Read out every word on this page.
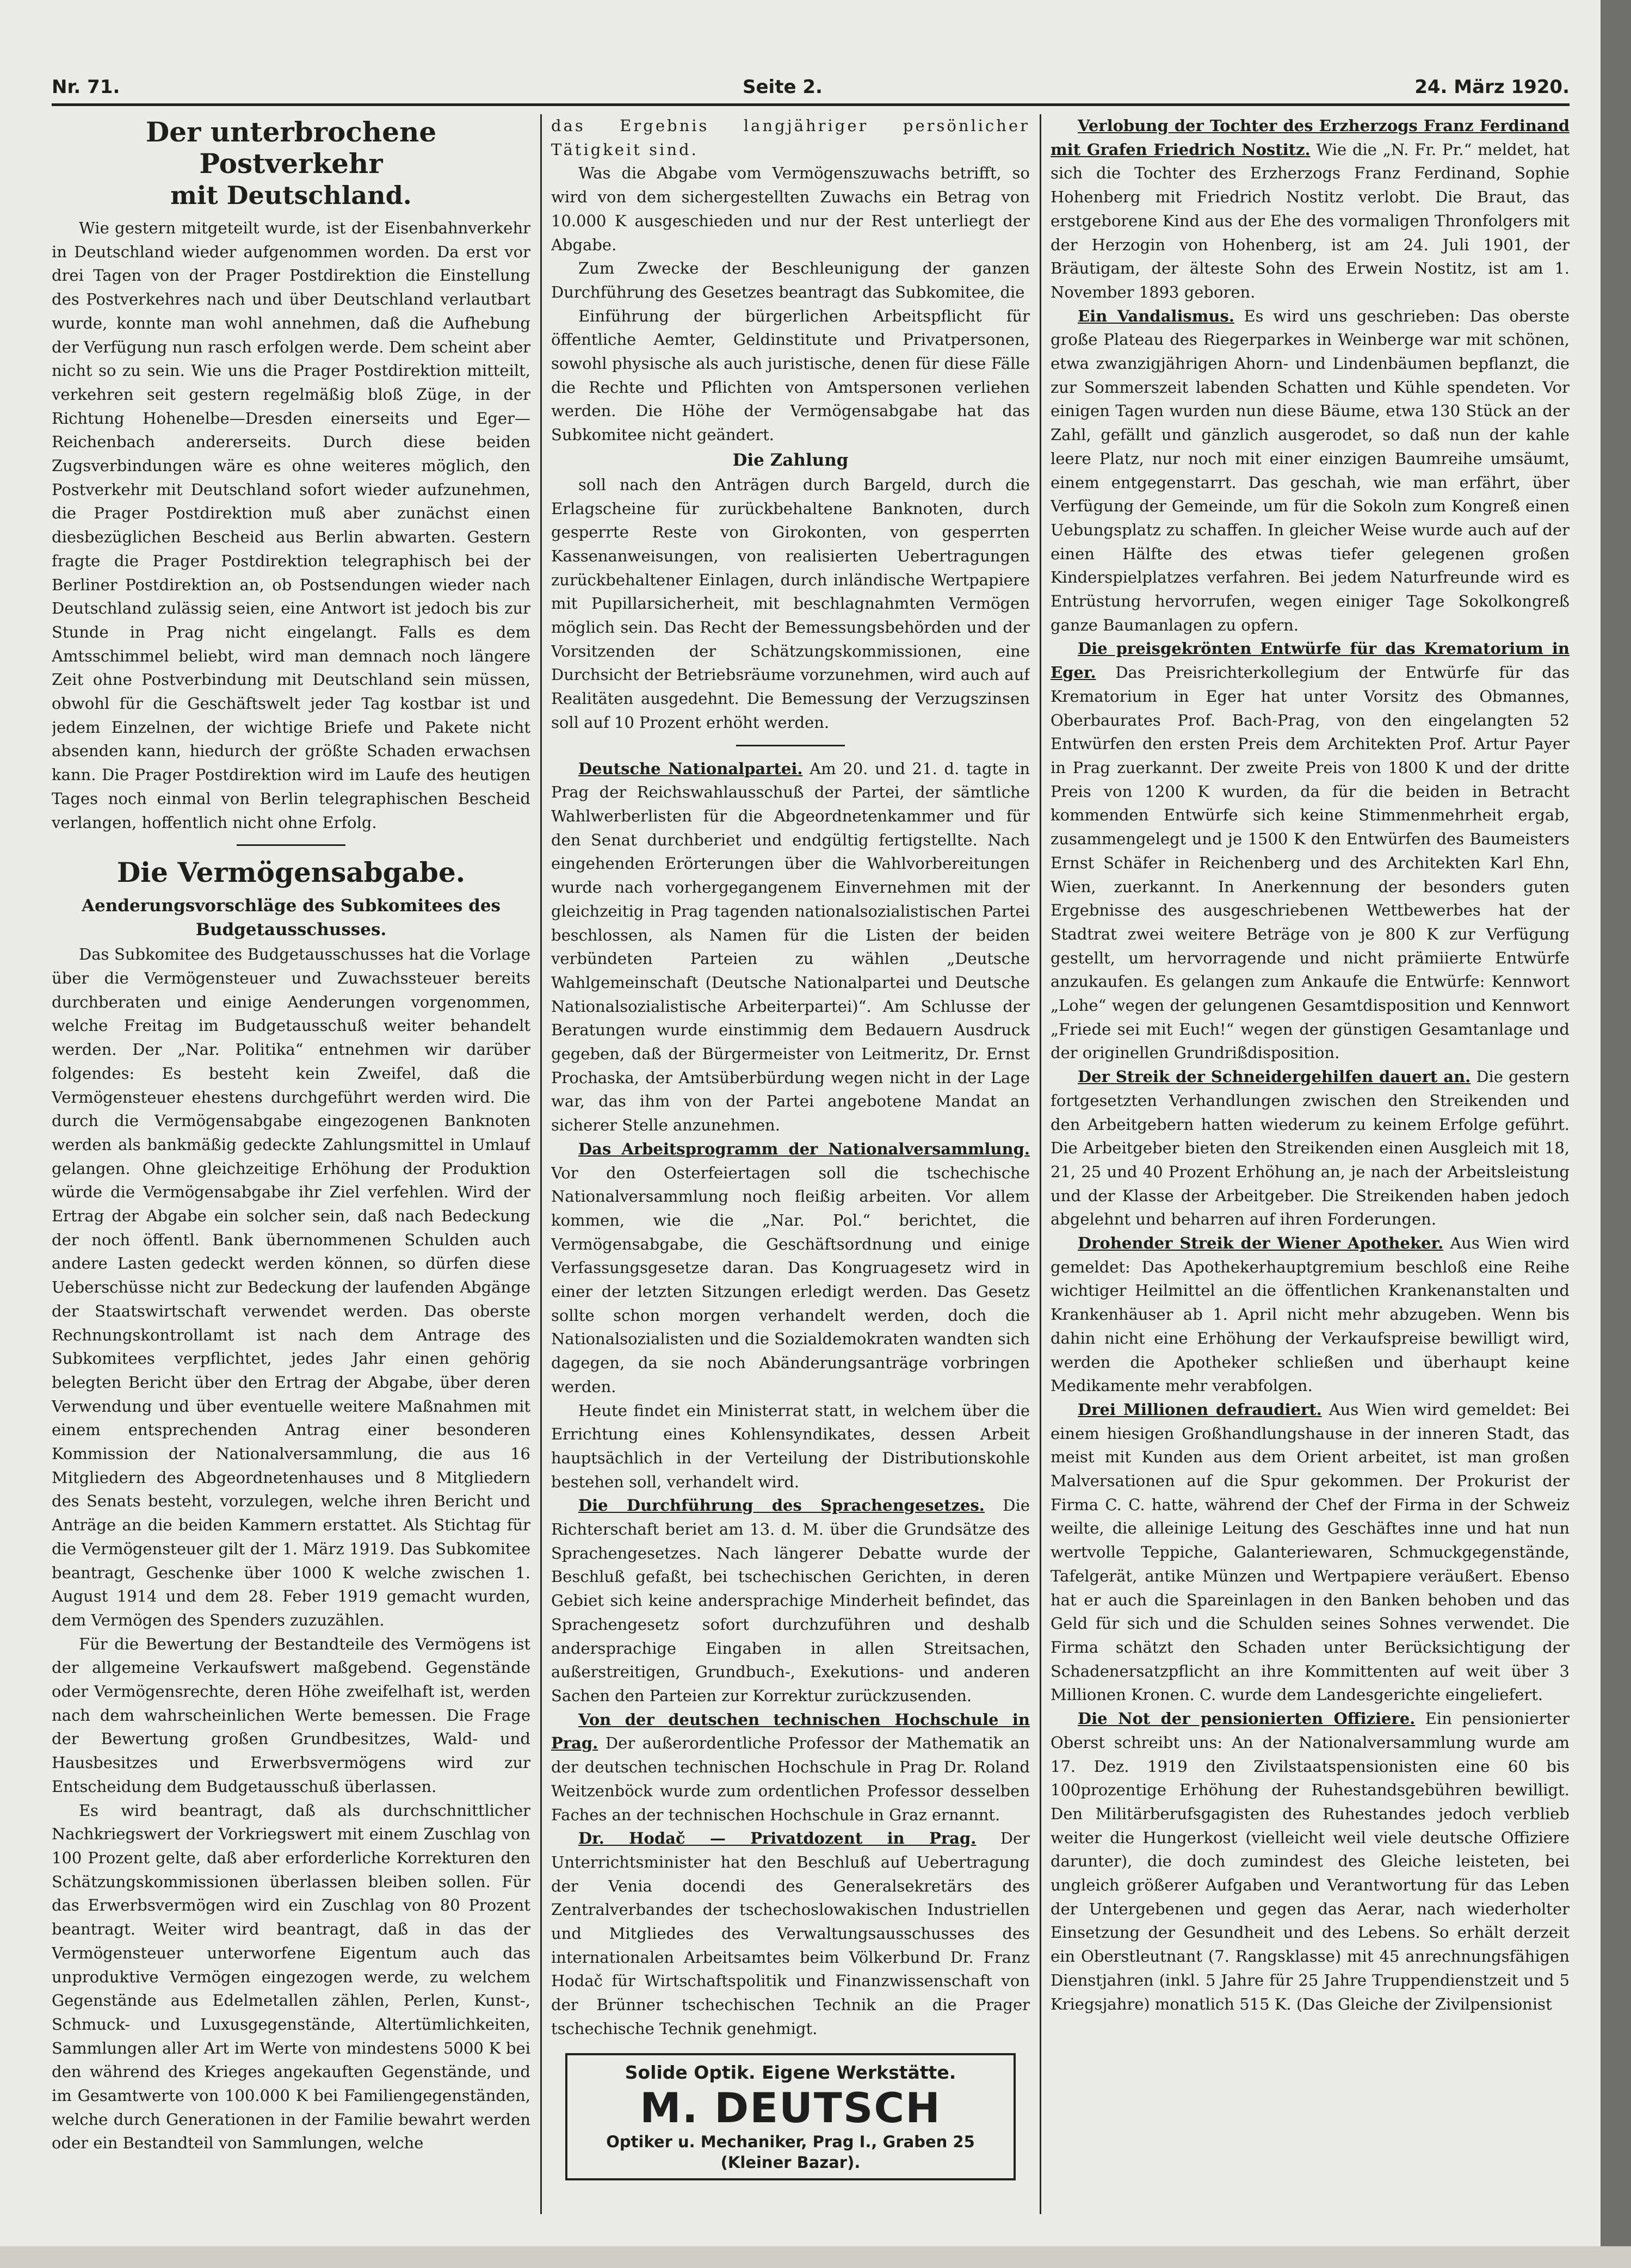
Nr. 71.	Seite 2.	24. März 1920.
Der unterbrochene Postverkehr
mit Deutschland.

Wie gestern mitgeteilt wurde, ist der Eisenbahnverkehr in Deutschland wieder aufgenommen worden. Da erst vor drei Tagen von der Prager Postdirektion die Einstellung des Postverkehres nach und über Deutschland verlautbart wurde, konnte man wohl annehmen, daß die Aufhebung der Verfügung nun rasch erfolgen werde. Dem scheint aber nicht so zu sein. Wie uns die Prager Postdirektion mitteilt, verkehren seit gestern regelmäßig bloß Züge, in der Richtung Hohenelbe—Dresden einerseits und Eger—Reichenbach andererseits. Durch diese beiden Zugsverbindungen wäre es ohne weiteres möglich, den Postverkehr mit Deutschland sofort wieder aufzunehmen, die Prager Postdirektion muß aber zunächst einen diesbezüglichen Bescheid aus Berlin abwarten. Gestern fragte die Prager Postdirektion telegraphisch bei der Berliner Postdirektion an, ob Postsendungen wieder nach Deutschland zulässig seien, eine Antwort ist jedoch bis zur Stunde in Prag nicht eingelangt. Falls es dem Amtsschimmel beliebt, wird man demnach noch längere Zeit ohne Postverbindung mit Deutschland sein müssen, obwohl für die Geschäftswelt jeder Tag kostbar ist und jedem Einzelnen, der wichtige Briefe und Pakete nicht absenden kann, hiedurch der größte Schaden erwachsen kann. Die Prager Postdirektion wird im Laufe des heutigen Tages noch einmal von Berlin telegraphischen Bescheid verlangen, hoffentlich nicht ohne Erfolg.

Die Vermögensabgabe.
Aenderungsvorschläge des Subkomitees des
Budgetausschusses.

Das Subkomitee des Budgetausschusses hat die Vorlage über die Vermögensteuer und Zuwachssteuer bereits durchberaten und einige Aenderungen vorgenommen, welche Freitag im Budgetausschuß weiter behandelt werden. Der „Nar. Politika“ entnehmen wir darüber folgendes: Es besteht kein Zweifel, daß die Vermögensteuer ehestens durchgeführt werden wird. Die durch die Vermögensabgabe eingezogenen Banknoten werden als bankmäßig gedeckte Zahlungsmittel in Umlauf gelangen. Ohne gleichzeitige Erhöhung der Produktion würde die Vermögensabgabe ihr Ziel verfehlen. Wird der Ertrag der Abgabe ein solcher sein, daß nach Bedeckung der noch öffentl. Bank übernommenen Schulden auch andere Lasten gedeckt werden können, so dürfen diese Ueberschüsse nicht zur Bedeckung der laufenden Abgänge der Staatswirtschaft verwendet werden. Das oberste Rechnungskontrollamt ist nach dem Antrage des Subkomitees verpflichtet, jedes Jahr einen gehörig belegten Bericht über den Ertrag der Abgabe, über deren Verwendung und über eventuelle weitere Maßnahmen mit einem entsprechenden Antrag einer besonderen Kommission der Nationalversammlung, die aus 16 Mitgliedern des Abgeordnetenhauses und 8 Mitgliedern des Senats besteht, vorzulegen, welche ihren Bericht und Anträge an die beiden Kammern erstattet. Als Stichtag für die Vermögensteuer gilt der 1. März 1919. Das Subkomitee beantragt, Geschenke über 1000 K welche zwischen 1. August 1914 und dem 28. Feber 1919 gemacht wurden, dem Vermögen des Spenders zuzuzählen.

Für die Bewertung der Bestandteile des Vermögens ist der allgemeine Verkaufswert maßgebend. Gegenstände oder Vermögensrechte, deren Höhe zweifelhaft ist, werden nach dem wahrscheinlichen Werte bemessen. Die Frage der Bewertung großen Grundbesitzes, Wald- und Hausbesitzes und Erwerbsvermögens wird zur Entscheidung dem Budgetausschuß überlassen.

Es wird beantragt, daß als durchschnittlicher Nachkriegswert der Vorkriegswert mit einem Zuschlag von 100 Prozent gelte, daß aber erforderliche Korrekturen den Schätzungskommissionen überlassen bleiben sollen. Für das Erwerbsvermögen wird ein Zuschlag von 80 Prozent beantragt. Weiter wird beantragt, daß in das der Vermögensteuer unterworfene Eigentum auch das unproduktive Vermögen eingezogen werde, zu welchem Gegenstände aus Edelmetallen zählen, Perlen, Kunst-, Schmuck- und Luxusgegenstände, Altertümlichkeiten, Sammlungen aller Art im Werte von mindestens 5000 K bei den während des Krieges angekauften Gegenstände, und im Gesamtwerte von 100.000 K bei Familiengegenständen, welche durch Generationen in der Familie bewahrt werden oder ein Bestandteil von Sammlungen, welche

das Ergebnis langjähriger persönlicher Tätigkeit sind.

Was die Abgabe vom Vermögenszuwachs betrifft, so wird von dem sichergestellten Zuwachs ein Betrag von 10.000 K ausgeschieden und nur der Rest unterliegt der Abgabe.

Zum Zwecke der Beschleunigung der ganzen Durchführung des Gesetzes beantragt das Subkomitee, die

Einführung der bürgerlichen Arbeitspflicht für öffentliche Aemter, Geldinstitute und Privatpersonen, sowohl physische als auch juristische, denen für diese Fälle die Rechte und Pflichten von Amtspersonen verliehen werden. Die Höhe der Vermögensabgabe hat das Subkomitee nicht geändert.

Die Zahlung

soll nach den Anträgen durch Bargeld, durch die Erlagscheine für zurückbehaltene Banknoten, durch gesperrte Reste von Girokonten, von gesperrten Kassenanweisungen, von realisierten Uebertragungen zurückbehaltener Einlagen, durch inländische Wertpapiere mit Pupillarsicherheit, mit beschlagnahmten Vermögen möglich sein. Das Recht der Bemessungsbehörden und der Vorsitzenden der Schätzungskommissionen, eine Durchsicht der Betriebsräume vorzunehmen, wird auch auf Realitäten ausgedehnt. Die Bemessung der Verzugszinsen soll auf 10 Prozent erhöht werden.

Deutsche Nationalpartei. Am 20. und 21. d. tagte in Prag der Reichswahlausschuß der Partei, der sämtliche Wahlwerberlisten für die Abgeordnetenkammer und für den Senat durchberiet und endgültig fertigstellte. Nach eingehenden Erörterungen über die Wahlvorbereitungen wurde nach vorhergegangenem Einvernehmen mit der gleichzeitig in Prag tagenden nationalsozialistischen Partei beschlossen, als Namen für die Listen der beiden verbündeten Parteien zu wählen „Deutsche Wahlgemeinschaft (Deutsche Nationalpartei und Deutsche Nationalsozialistische Arbeiterpartei)“. Am Schlusse der Beratungen wurde einstimmig dem Bedauern Ausdruck gegeben, daß der Bürgermeister von Leitmeritz, Dr. Ernst Prochaska, der Amtsüberbürdung wegen nicht in der Lage war, das ihm von der Partei angebotene Mandat an sicherer Stelle anzunehmen.

Das Arbeitsprogramm der Nationalversammlung. Vor den Osterfeiertagen soll die tschechische Nationalversammlung noch fleißig arbeiten. Vor allem kommen, wie die „Nar. Pol.“ berichtet, die Vermögensabgabe, die Geschäftsordnung und einige Verfassungsgesetze daran. Das Kongruagesetz wird in einer der letzten Sitzungen erledigt werden. Das Gesetz sollte schon morgen verhandelt werden, doch die Nationalsozialisten und die Sozialdemokraten wandten sich dagegen, da sie noch Abänderungsanträge vorbringen werden.

Heute findet ein Ministerrat statt, in welchem über die Errichtung eines Kohlensyndikates, dessen Arbeit hauptsächlich in der Verteilung der Distributionskohle bestehen soll, verhandelt wird.

Die Durchführung des Sprachengesetzes. Die Richterschaft beriet am 13. d. M. über die Grundsätze des Sprachengesetzes. Nach längerer Debatte wurde der Beschluß gefaßt, bei tschechischen Gerichten, in deren Gebiet sich keine andersprachige Minderheit befindet, das Sprachengesetz sofort durchzuführen und deshalb andersprachige Eingaben in allen Streitsachen, außerstreitigen, Grundbuch-, Exekutions- und anderen Sachen den Parteien zur Korrektur zurückzusenden.

Von der deutschen technischen Hochschule in Prag. Der außerordentliche Professor der Mathematik an der deutschen technischen Hochschule in Prag Dr. Roland Weitzenböck wurde zum ordentlichen Professor desselben Faches an der technischen Hochschule in Graz ernannt.

Dr. Hodač — Privatdozent in Prag. Der Unterrichtsminister hat den Beschluß auf Uebertragung der Venia docendi des Generalsekretärs des Zentralverbandes der tschechoslowakischen Industriellen und Mitgliedes des Verwaltungsausschusses des internationalen Arbeitsamtes beim Völkerbund Dr. Franz Hodač für Wirtschaftspolitik und Finanzwissenschaft von der Brünner tschechischen Technik an die Prager tschechische Technik genehmigt.

Solide Optik. Eigene Werkstätte.
M. DEUTSCH
Optiker u. Mechaniker, Prag I., Graben 25
(Kleiner Bazar).

Verlobung der Tochter des Erzherzogs Franz Ferdinand mit Grafen Friedrich Nostitz. Wie die „N. Fr. Pr.“ meldet, hat sich die Tochter des Erzherzogs Franz Ferdinand, Sophie Hohenberg mit Friedrich Nostitz verlobt. Die Braut, das erstgeborene Kind aus der Ehe des vormaligen Thronfolgers mit der Herzogin von Hohenberg, ist am 24. Juli 1901, der Bräutigam, der älteste Sohn des Erwein Nostitz, ist am 1. November 1893 geboren.

Ein Vandalismus. Es wird uns geschrieben: Das oberste große Plateau des Riegerparkes in Weinberge war mit schönen, etwa zwanzigjährigen Ahorn- und Lindenbäumen bepflanzt, die zur Sommerszeit labenden Schatten und Kühle spendeten. Vor einigen Tagen wurden nun diese Bäume, etwa 130 Stück an der Zahl, gefällt und gänzlich ausgerodet, so daß nun der kahle leere Platz, nur noch mit einer einzigen Baumreihe umsäumt, einem entgegenstarrt. Das geschah, wie man erfährt, über Verfügung der Gemeinde, um für die Sokoln zum Kongreß einen Uebungsplatz zu schaffen. In gleicher Weise wurde auch auf der einen Hälfte des etwas tiefer gelegenen großen Kinderspielplatzes verfahren. Bei jedem Naturfreunde wird es Entrüstung hervorrufen, wegen einiger Tage Sokolkongreß ganze Baumanlagen zu opfern.

Die preisgekrönten Entwürfe für das Krematorium in Eger. Das Preisrichterkollegium der Entwürfe für das Krematorium in Eger hat unter Vorsitz des Obmannes, Oberbaurates Prof. Bach-Prag, von den eingelangten 52 Entwürfen den ersten Preis dem Architekten Prof. Artur Payer in Prag zuerkannt. Der zweite Preis von 1800 K und der dritte Preis von 1200 K wurden, da für die beiden in Betracht kommenden Entwürfe sich keine Stimmenmehrheit ergab, zusammengelegt und je 1500 K den Entwürfen des Baumeisters Ernst Schäfer in Reichenberg und des Architekten Karl Ehn, Wien, zuerkannt. In Anerkennung der besonders guten Ergebnisse des ausgeschriebenen Wettbewerbes hat der Stadtrat zwei weitere Beträge von je 800 K zur Verfügung gestellt, um hervorragende und nicht prämiierte Entwürfe anzukaufen. Es gelangen zum Ankaufe die Entwürfe: Kennwort „Lohe“ wegen der gelungenen Gesamtdisposition und Kennwort „Friede sei mit Euch!“ wegen der günstigen Gesamtanlage und der originellen Grundrißdisposition.

Der Streik der Schneidergehilfen dauert an. Die gestern fortgesetzten Verhandlungen zwischen den Streikenden und den Arbeitgebern hatten wiederum zu keinem Erfolge geführt. Die Arbeitgeber bieten den Streikenden einen Ausgleich mit 18, 21, 25 und 40 Prozent Erhöhung an, je nach der Arbeitsleistung und der Klasse der Arbeitgeber. Die Streikenden haben jedoch abgelehnt und beharren auf ihren Forderungen.

Drohender Streik der Wiener Apotheker. Aus Wien wird gemeldet: Das Apothekerhauptgremium beschloß eine Reihe wichtiger Heilmittel an die öffentlichen Krankenanstalten und Krankenhäuser ab 1. April nicht mehr abzugeben. Wenn bis dahin nicht eine Erhöhung der Verkaufspreise bewilligt wird, werden die Apotheker schließen und überhaupt keine Medikamente mehr verabfolgen.

Drei Millionen defraudiert. Aus Wien wird gemeldet: Bei einem hiesigen Großhandlungshause in der inneren Stadt, das meist mit Kunden aus dem Orient arbeitet, ist man großen Malversationen auf die Spur gekommen. Der Prokurist der Firma C. C. hatte, während der Chef der Firma in der Schweiz weilte, die alleinige Leitung des Geschäftes inne und hat nun wertvolle Teppiche, Galanteriewaren, Schmuckgegenstände, Tafelgerät, antike Münzen und Wertpapiere veräußert. Ebenso hat er auch die Spareinlagen in den Banken behoben und das Geld für sich und die Schulden seines Sohnes verwendet. Die Firma schätzt den Schaden unter Berücksichtigung der Schadenersatzpflicht an ihre Kommittenten auf weit über 3 Millionen Kronen. C. wurde dem Landesgerichte eingeliefert.

Die Not der pensionierten Offiziere. Ein pensionierter Oberst schreibt uns: An der Nationalversammlung wurde am 17. Dez. 1919 den Zivilstaatspensionisten eine 60 bis 100prozentige Erhöhung der Ruhestandsgebühren bewilligt. Den Militärberufsgagisten des Ruhestandes jedoch verblieb weiter die Hungerkost (vielleicht weil viele deutsche Offiziere darunter), die doch zumindest des Gleiche leisteten, bei ungleich größerer Aufgaben und Verantwortung für das Leben der Untergebenen und gegen das Aerar, nach wiederholter Einsetzung der Gesundheit und des Lebens. So erhält derzeit ein Oberstleutnant (7. Rangsklasse) mit 45 anrechnungsfähigen Dienstjahren (inkl. 5 Jahre für 25 Jahre Truppendienstzeit und 5 Kriegsjahre) monatlich 515 K. (Das Gleiche der Zivilpensionist
